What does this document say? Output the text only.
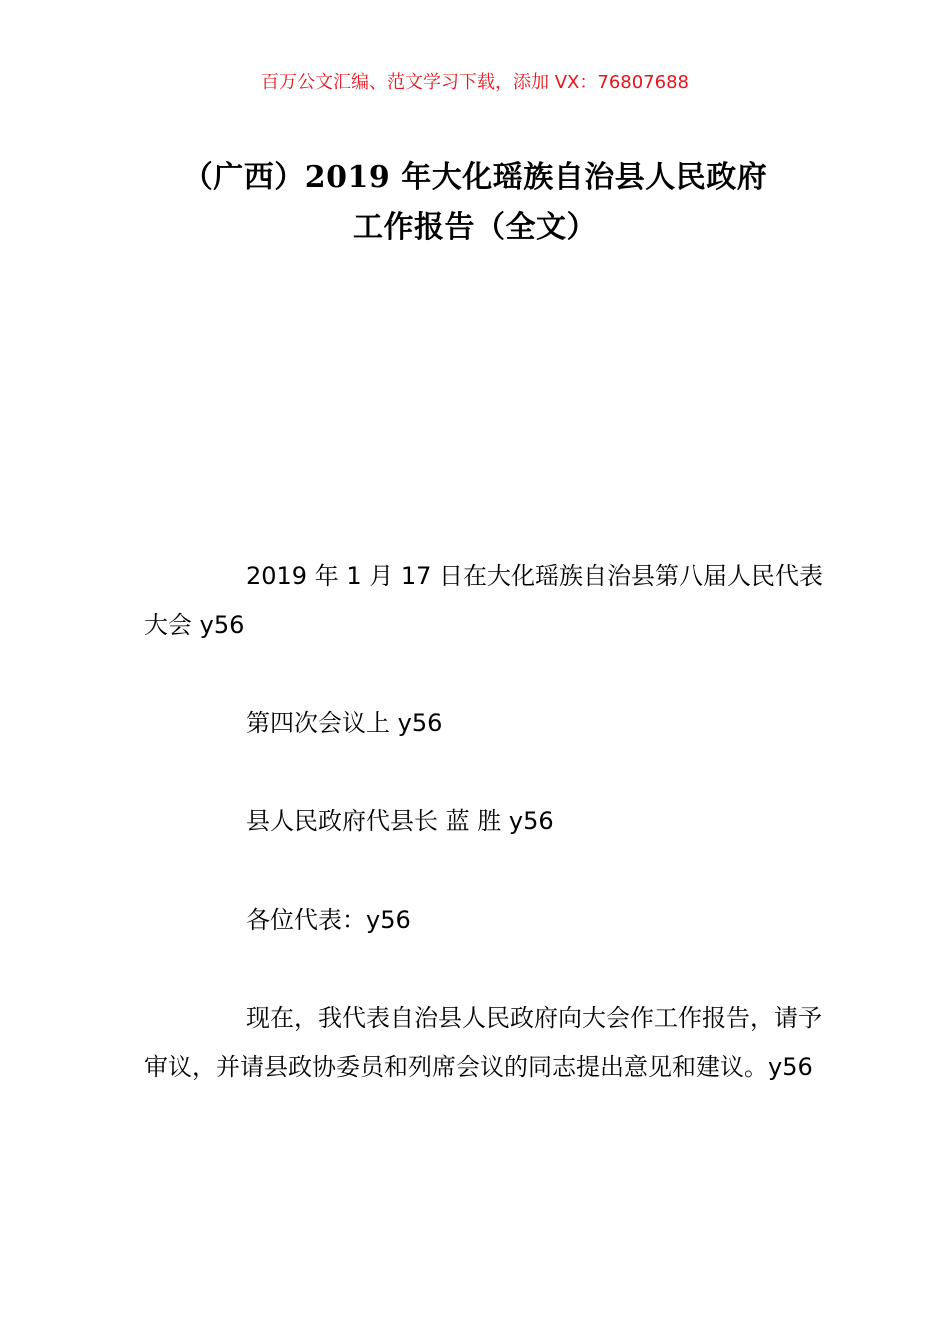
百万公文汇编、范文学习下载，添加 VX：76807688
（广西）2019 年大化瑶族自治县人民政府
工作报告（全文）

2019 年 1 月 17 日在大化瑶族自治县第八届人民代表大会 y56

第四次会议上 y56

县人民政府代县长 蓝 胜 y56

各位代表：y56

现在，我代表自治县人民政府向大会作工作报告，请予审议，并请县政协委员和列席会议的同志提出意见和建议。y56
